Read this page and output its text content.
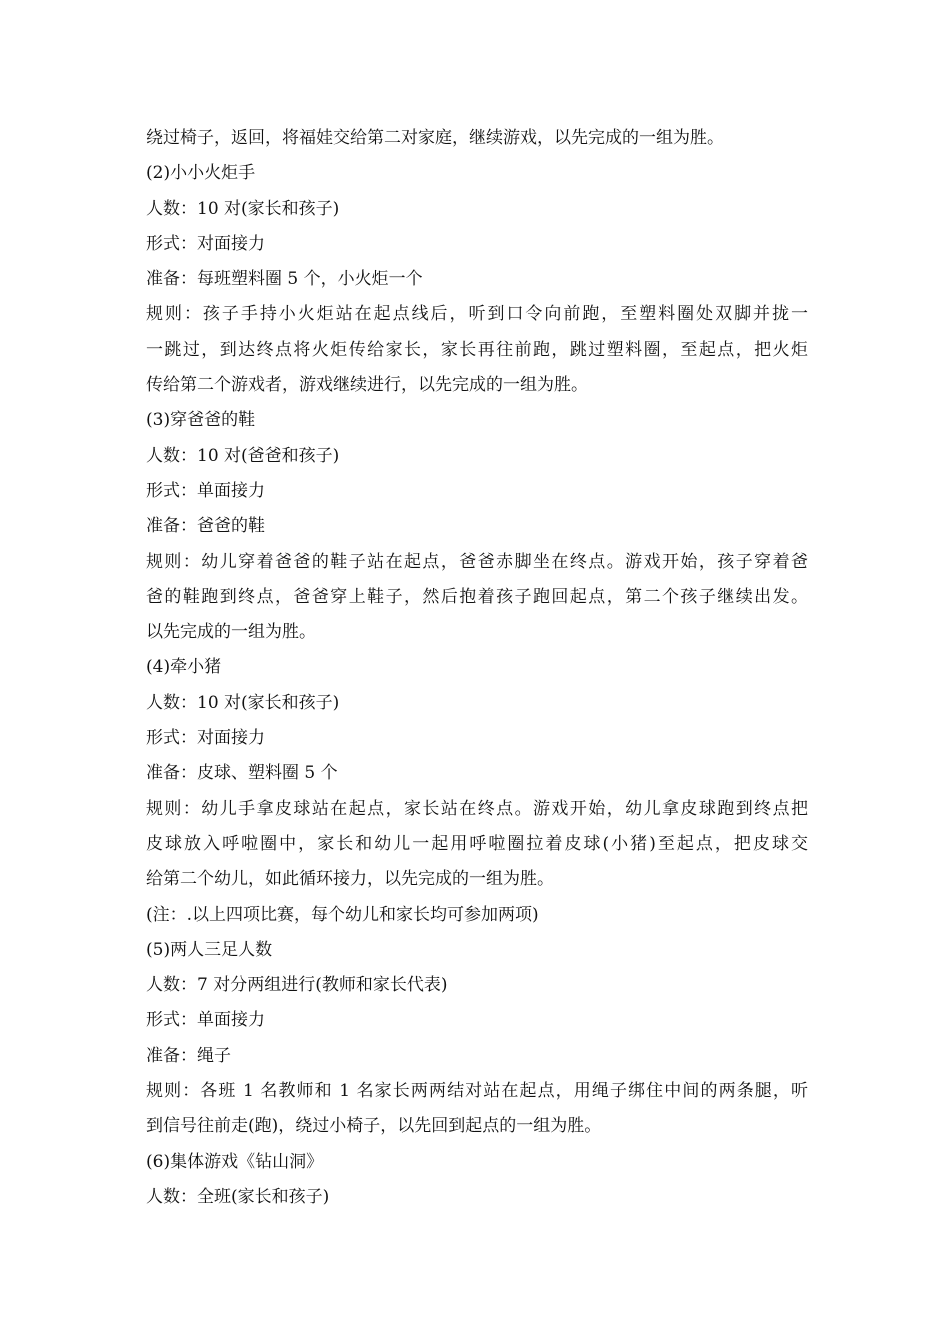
绕过椅子，返回，将福娃交给第二对家庭，继续游戏，以先完成的一组为胜。
(2)小小火炬手
人数：10 对(家长和孩子)
形式：对面接力
准备：每班塑料圈 5 个，小火炬一个
规则：孩子手持小火炬站在起点线后，听到口令向前跑，至塑料圈处双脚并拢一
一跳过，到达终点将火炬传给家长，家长再往前跑，跳过塑料圈，至起点，把火炬
传给第二个游戏者，游戏继续进行，以先完成的一组为胜。
(3)穿爸爸的鞋
人数：10 对(爸爸和孩子)
形式：单面接力
准备：爸爸的鞋
规则：幼儿穿着爸爸的鞋子站在起点，爸爸赤脚坐在终点。游戏开始，孩子穿着爸
爸的鞋跑到终点，爸爸穿上鞋子，然后抱着孩子跑回起点，第二个孩子继续出发。
以先完成的一组为胜。
(4)牵小猪
人数：10 对(家长和孩子)
形式：对面接力
准备：皮球、塑料圈 5 个
规则：幼儿手拿皮球站在起点，家长站在终点。游戏开始，幼儿拿皮球跑到终点把
皮球放入呼啦圈中，家长和幼儿一起用呼啦圈拉着皮球(小猪)至起点，把皮球交
给第二个幼儿，如此循环接力，以先完成的一组为胜。
(注：.以上四项比赛，每个幼儿和家长均可参加两项)
(5)两人三足人数
人数：7 对分两组进行(教师和家长代表)
形式：单面接力
准备：绳子
规则：各班 1 名教师和 1 名家长两两结对站在起点，用绳子绑住中间的两条腿，听
到信号往前走(跑)，绕过小椅子，以先回到起点的一组为胜。
(6)集体游戏《钻山洞》
人数：全班(家长和孩子)
